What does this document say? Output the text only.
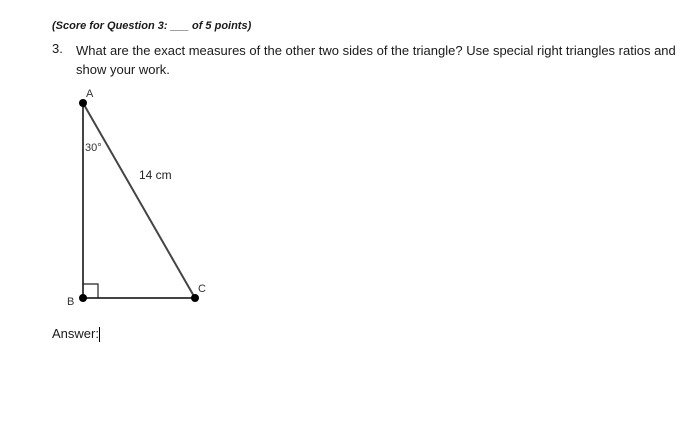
(Score for Question 3: ___ of 5 points)
3. What are the exact measures of the other two sides of the triangle? Use special right triangles ratios and show your work.
A
B
C
30°
14 cm
Answer:
